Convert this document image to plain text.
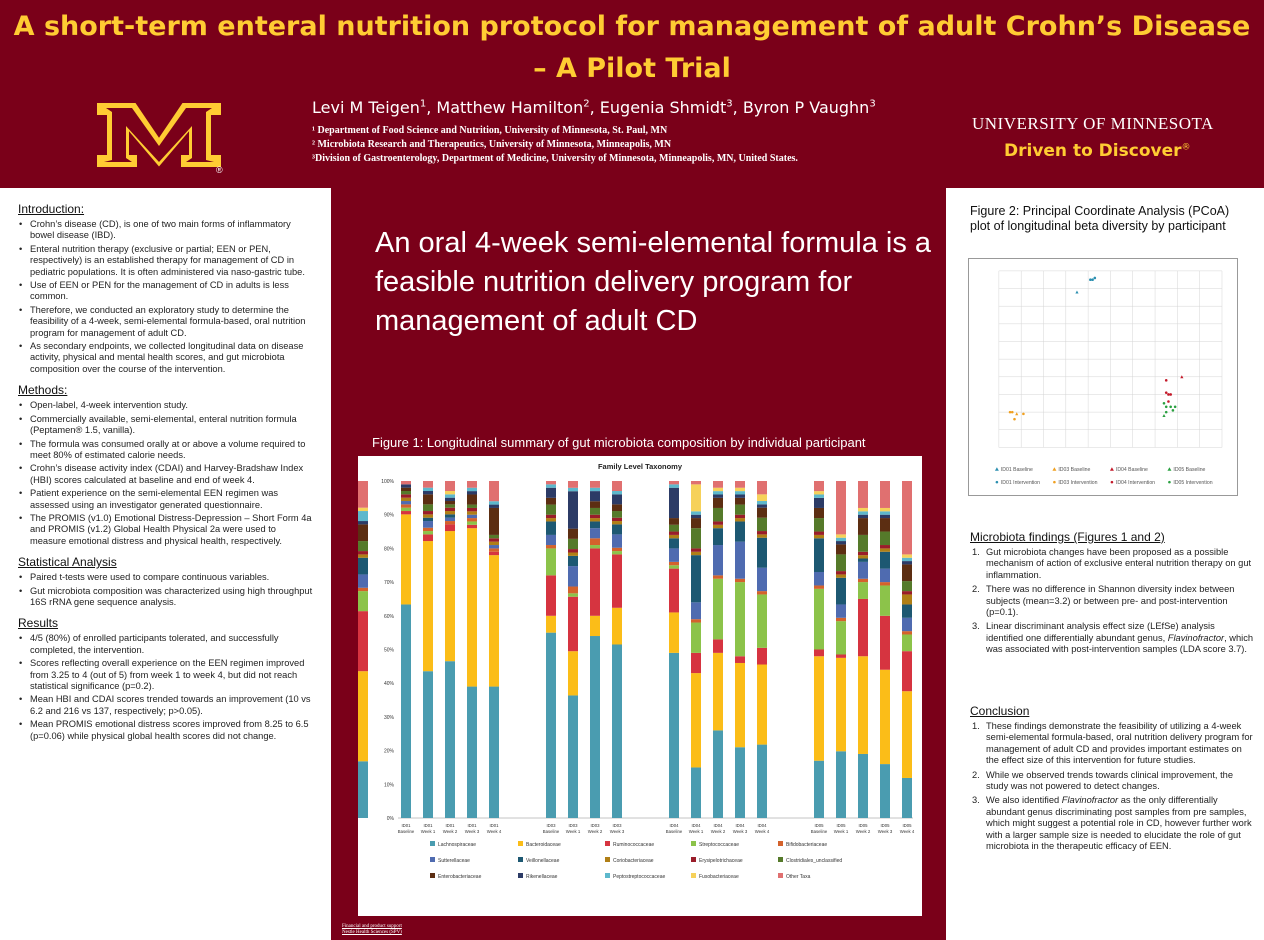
A short-term enteral nutrition protocol for management of adult Crohn’s Disease
– A Pilot Trial
®
Levi M Teigen$^1$, Matthew Hamilton$^2$, Eugenia Shmidt$^3$, Byron P Vaughn$^3$
¹ Department of Food Science and Nutrition, University of Minnesota, St. Paul, MN
² Microbiota Research and Therapeutics, University of Minnesota, Minneapolis, MN
³Division of Gastroenterology, Department of Medicine, University of Minnesota, Minneapolis, MN, United States.
UNIVERSITY OF MINNESOTA
Driven to Discover®
Introduction:
• Crohn’s disease (CD), is one of two main forms of inflammatory bowel disease (IBD).
• Enteral nutrition therapy (exclusive or partial; EEN or PEN, respectively) is an established therapy for management of CD in pediatric populations. It is often administered via naso-gastric tube.
• Use of EEN or PEN for the management of CD in adults is less common.
• Therefore, we conducted an exploratory study to determine the feasibility of a 4-week, semi-elemental formula-based, oral nutrition program for management of adult CD.
• As secondary endpoints, we collected longitudinal data on disease activity, physical and mental health scores, and gut microbiota composition over the course of the intervention.
Methods:
• Open-label, 4-week intervention study.
• Commercially available, semi-elemental, enteral nutrition formula (Peptamen® 1.5, vanilla).
• The formula was consumed orally at or above a volume required to meet 80% of estimated calorie needs.
• Crohn’s disease activity index (CDAI) and Harvey-Bradshaw Index (HBI) scores calculated at baseline and end of week 4.
• Patient experience on the semi-elemental EEN regimen was assessed using an investigator generated questionnaire.
• The PROMIS (v1.0) Emotional Distress-Depression – Short Form 4a and PROMIS (v1.2) Global Health Physical 2a were used to measure emotional distress and physical health, respectively.
Statistical Analysis
• Paired t-tests were used to compare continuous variables.
• Gut microbiota composition was characterized using high throughput 16S rRNA gene sequence analysis.
Results
• 4/5 (80%) of enrolled participants tolerated, and successfully completed, the intervention.
• Scores reflecting overall experience on the EEN regimen improved from 3.25 to 4 (out of 5) from week 1 to week 4, but did not reach statistical significance (p=0.2).
• Mean HBI and CDAI scores trended towards an improvement (10 vs 6.2 and 216 vs 137, respectively; p>0.05).
• Mean PROMIS emotional distress scores improved from 8.25 to 6.5 (p=0.06) while physical global health scores did not change.
An oral 4-week semi-elemental formula is a feasible nutrition delivery program for management of adult CD
Figure 1: Longitudinal summary of gut microbiota composition by individual participant
Family Level Taxonomy
0%
10%
20%
30%
40%
50%
60%
70%
80%
90%
100%
ID01
Baseline
ID01
Week 1
ID01
Week 2
ID01
Week 3
ID01
Week 4
ID03
Baseline
ID03
Week 1
ID03
Week 2
ID03
Week 3
ID04
Baseline
ID04
Week 1
ID04
Week 2
ID04
Week 3
ID04
Week 4
ID05
Baseline
ID05
Week 1
ID05
Week 2
ID05
Week 3
ID05
Week 4
Lachnospiraceae	Bacteroidaceae	Ruminococcaceae	Streptococcaceae	Bifidobacteriaceae
Sutterellaceae	Veillonellaceae	Coriobacteriaceae	Erysipelotrichaceae	Clostridiales_unclassified
Enterobacteriaceae	Rikenellaceae	Peptostreptococcaceae	Fusobacteriaceae	Other Taxa
Financial and product support
Nestle Health Sciences (SPV)
Figure 2: Principal Coordinate Analysis (PCoA) plot of longitudinal beta diversity by participant
ID01 Baseline	ID03 Baseline	ID04 Baseline	ID05 Baseline
ID01 Intervention	ID03 Intervention	ID04 Intervention	ID05 Intervention
Microbiota findings (Figures 1 and 2)
1. Gut microbiota changes have been proposed as a possible mechanism of action of exclusive enteral nutrition therapy on gut inflammation.
2. There was no difference in Shannon diversity index between subjects (mean=3.2) or between pre- and post-intervention (p=0.1).
3. Linear discriminant analysis effect size (LEfSe) analysis identified one differentially abundant genus, Flavinofractor, which was associated with post-intervention samples (LDA score 3.7).
Conclusion
1. These findings demonstrate the feasibility of utilizing a 4-week semi-elemental formula-based, oral nutrition delivery program for management of adult CD and provides important estimates on the effect size of this intervention for future studies.
2. While we observed trends towards clinical improvement, the study was not powered to detect changes.
3. We also identified Flavinofractor as the only differentially abundant genus discriminating post samples from pre samples, which might suggest a potential role in CD, however further work with a larger sample size is needed to elucidate the role of gut microbiota in the therapeutic efficacy of EEN.
